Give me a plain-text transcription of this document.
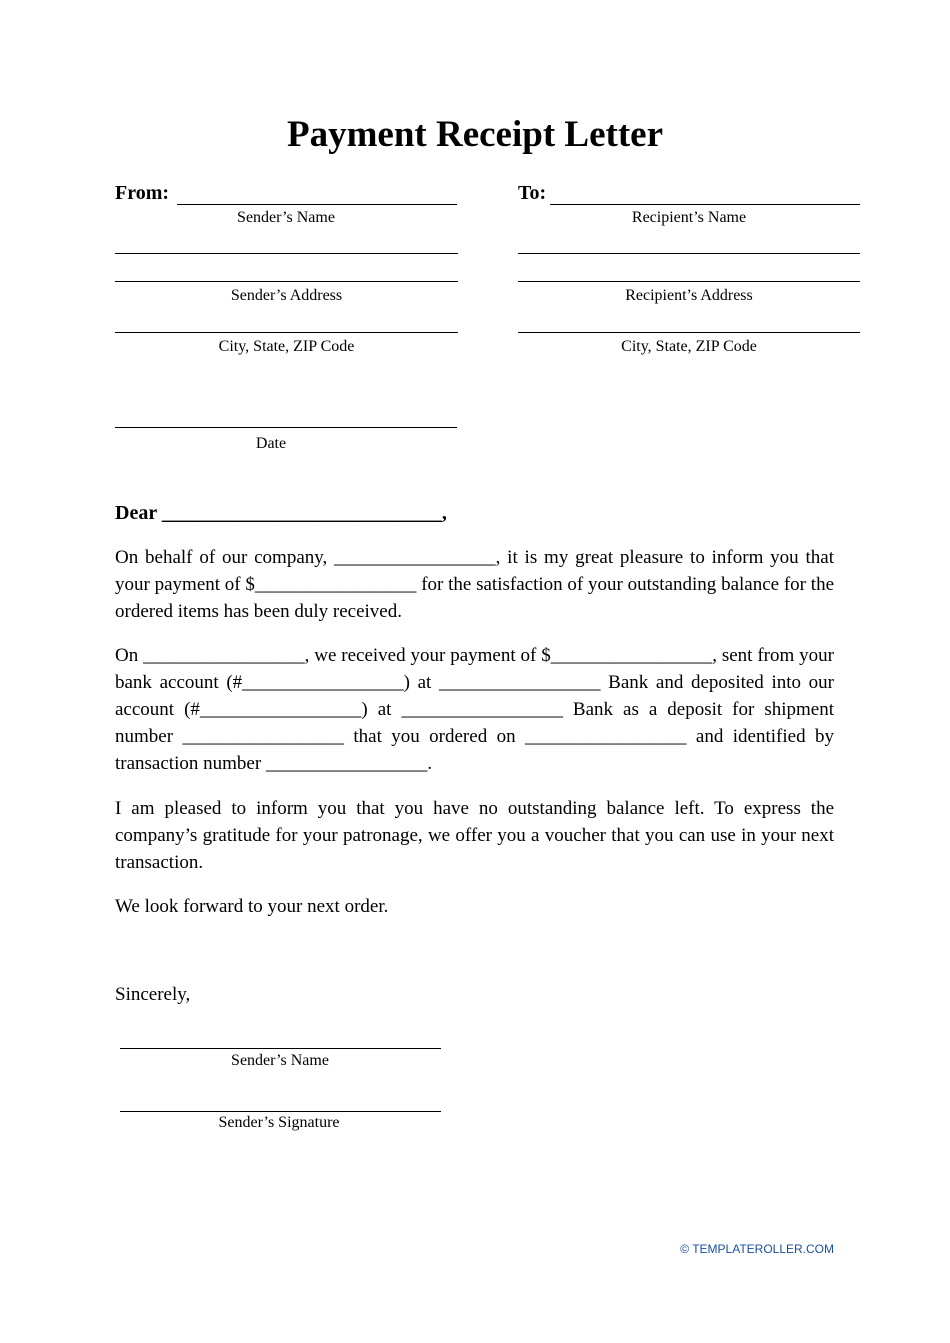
Payment Receipt Letter
From:
Sender’s Name
Sender’s Address
City, State, ZIP Code
Date
To:
Recipient’s Name
Recipient’s Address
City, State, ZIP Code
Dear ____________________________,

On behalf of our company, _________________, it is my great pleasure to inform you that your payment of $_________________ for the satisfaction of your outstanding balance for the ordered items has been duly received.

On _________________, we received your payment of $_________________, sent from your bank account (#_________________) at _________________ Bank and deposited into our account (#_________________) at _________________ Bank as a deposit for shipment number _________________ that you ordered on _________________ and identified by transaction number _________________.

I am pleased to inform you that you have no outstanding balance left. To express the company’s gratitude for your patronage, we offer you a voucher that you can use in your next transaction.

We look forward to your next order.

Sincerely,
Sender’s Name
Sender’s Signature
© TEMPLATEROLLER.COM
